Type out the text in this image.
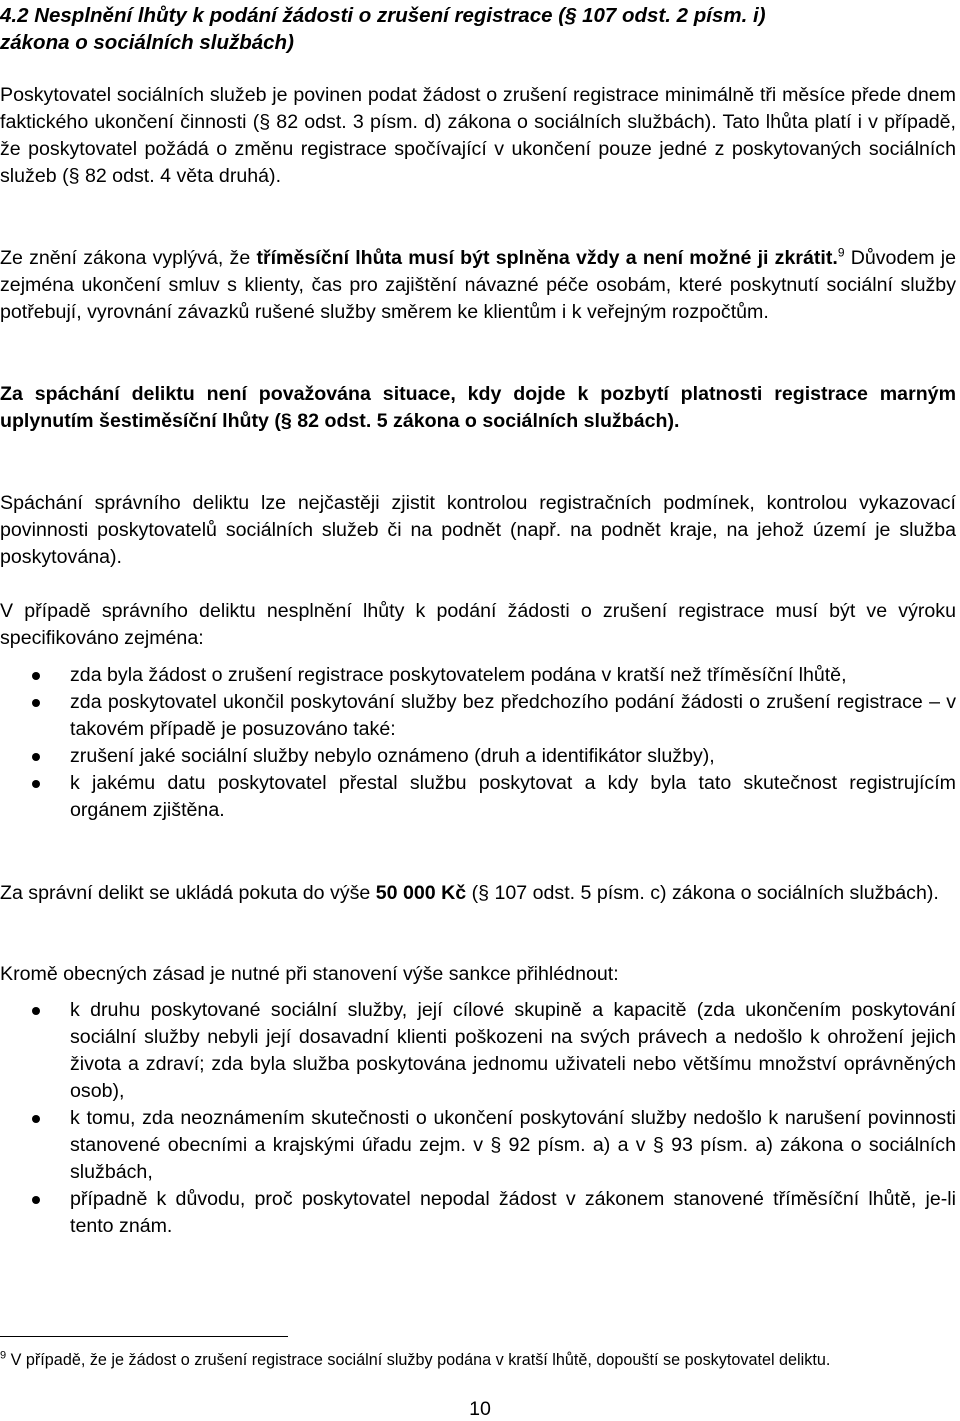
4.2 Nesplnění lhůty k podání žádosti o zrušení registrace (§ 107 odst. 2 písm. i)
zákona o sociálních službách)

Poskytovatel sociálních služeb je povinen podat žádost o zrušení registrace minimálně tři měsíce přede dnem faktického ukončení činnosti (§ 82 odst. 3 písm. d) zákona o sociálních službách). Tato lhůta platí i v případě, že poskytovatel požádá o změnu registrace spočívající v ukončení pouze jedné z poskytovaných sociálních služeb (§ 82 odst. 4 věta druhá).

Ze znění zákona vyplývá, že tříměsíční lhůta musí být splněna vždy a není možné ji zkrátit.$^9$ Důvodem je zejména ukončení smluv s klienty, čas pro zajištění návazné péče osobám, které poskytnutí sociální služby potřebují, vyrovnání závazků rušené služby směrem ke klientům i k veřejným rozpočtům.

Za spáchání deliktu není považována situace, kdy dojde k pozbytí platnosti registrace marným uplynutím šestiměsíční lhůty (§ 82 odst. 5 zákona o sociálních službách).

Spáchání správního deliktu lze nejčastěji zjistit kontrolou registračních podmínek, kontrolou vykazovací povinnosti poskytovatelů sociálních služeb či na podnět (např. na podnět kraje, na jehož území je služba poskytována).

V případě správního deliktu nesplnění lhůty k podání žádosti o zrušení registrace musí být ve výroku specifikováno zejména:

zda byla žádost o zrušení registrace poskytovatelem podána v kratší než tříměsíční lhůtě,
zda poskytovatel ukončil poskytování služby bez předchozího podání žádosti o zrušení registrace – v takovém případě je posuzováno také:
zrušení jaké sociální služby nebylo oznámeno (druh a identifikátor služby),
k jakému datu poskytovatel přestal službu poskytovat a kdy byla tato skutečnost registrujícím orgánem zjištěna.

Za správní delikt se ukládá pokuta do výše 50 000 Kč (§ 107 odst. 5 písm. c) zákona o sociálních službách).

Kromě obecných zásad je nutné při stanovení výše sankce přihlédnout:

k druhu poskytované sociální služby, její cílové skupině a kapacitě (zda ukončením poskytování sociální služby nebyli její dosavadní klienti poškozeni na svých právech a nedošlo k ohrožení jejich života a zdraví; zda byla služba poskytována jednomu uživateli nebo většímu množství oprávněných osob),
k tomu, zda neoznámením skutečnosti o ukončení poskytování služby nedošlo k narušení povinnosti stanovené obecními a krajskými úřadu zejm. v § 92 písm. a) a v § 93 písm. a) zákona o sociálních službách,
případně k důvodu, proč poskytovatel nepodal žádost v zákonem stanovené tříměsíční lhůtě, je-li tento znám.
$^9$ V případě, že je žádost o zrušení registrace sociální služby podána v kratší lhůtě, dopouští se poskytovatel deliktu.
10
